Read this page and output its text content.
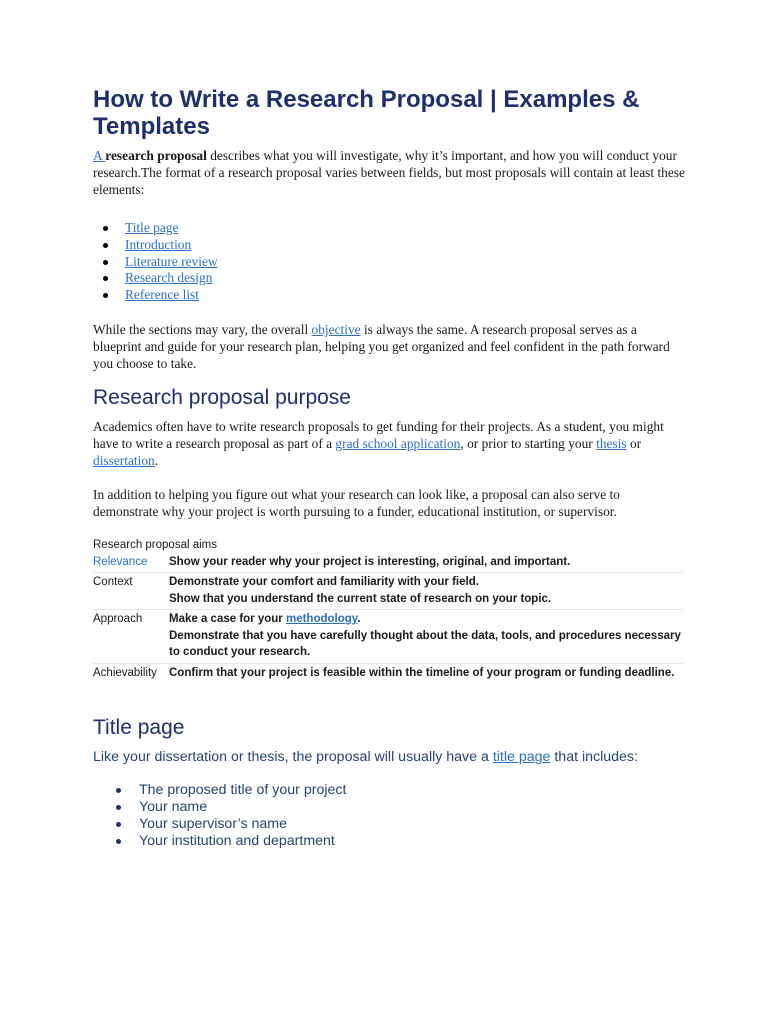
How to Write a Research Proposal | Examples & Templates

A research proposal describes what you will investigate, why it’s important, and how you will conduct your research.The format of a research proposal varies between fields, but most proposals will contain at least these elements:

Title page
Introduction
Literature review
Research design
Reference list

While the sections may vary, the overall objective is always the same. A research proposal serves as a blueprint and guide for your research plan, helping you get organized and feel confident in the path forward you choose to take.

Research proposal purpose

Academics often have to write research proposals to get funding for their projects. As a student, you might have to write a research proposal as part of a grad school application, or prior to starting your thesis or dissertation.

In addition to helping you figure out what your research can look like, a proposal can also serve to demonstrate why your project is worth pursuing to a funder, educational institution, or supervisor.

Research proposal aims

Relevance	Show your reader why your project is interesting, original, and important.

Context	Demonstrate your comfort and familiarity with your field.
Show that you understand the current state of research on your topic.

Approach	Make a case for your methodology.
Demonstrate that you have carefully thought about the data, tools, and procedures necessary to conduct your research.

Achievability	Confirm that your project is feasible within the timeline of your program or funding deadline.
Title page

Like your dissertation or thesis, the proposal will usually have a title page that includes:

The proposed title of your project
Your name
Your supervisor’s name
Your institution and department
